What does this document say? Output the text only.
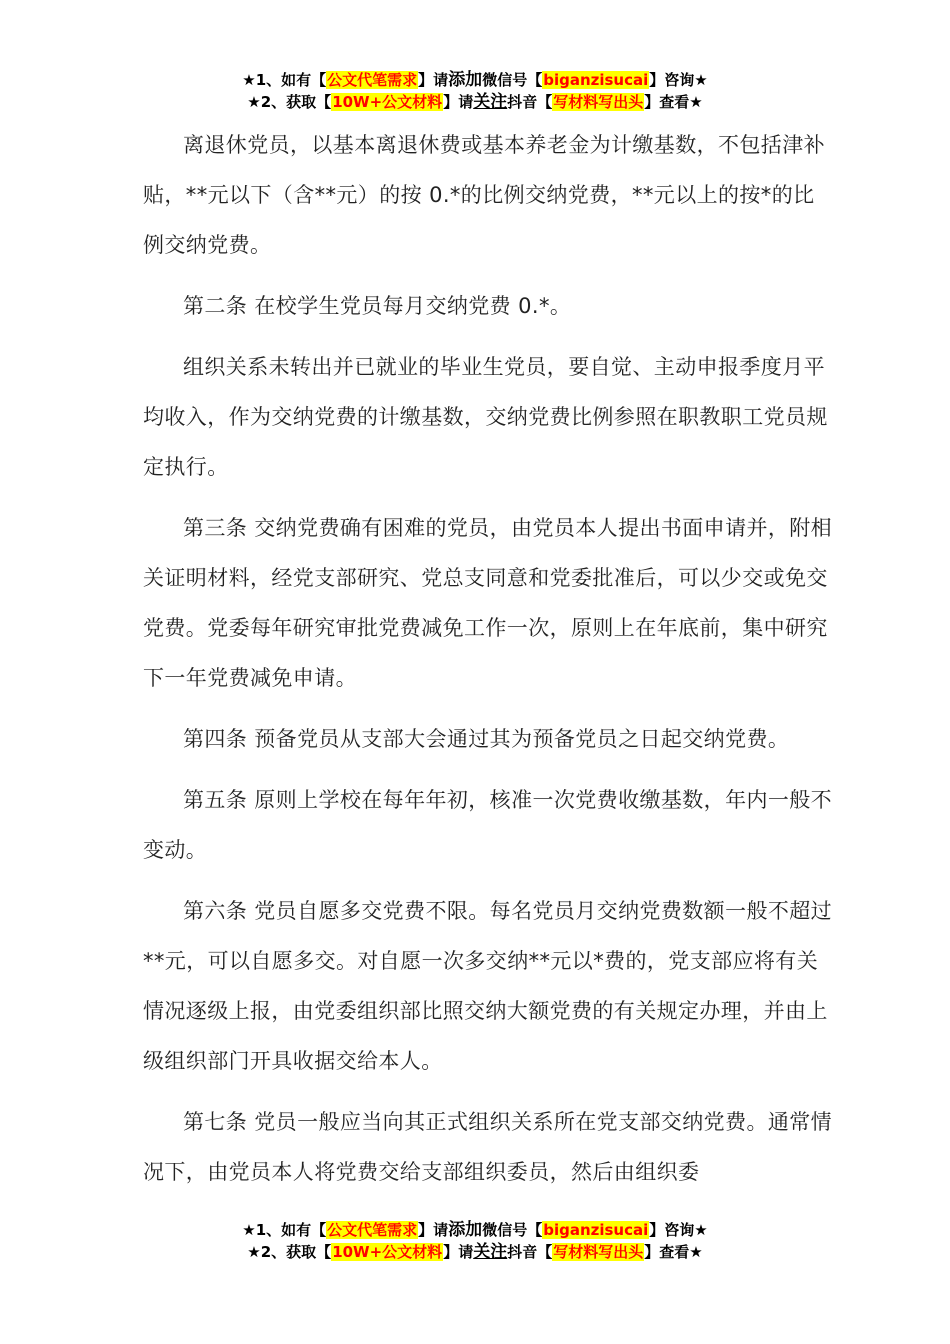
★1、如有【公文代笔需求】请添加微信号【biganzisucai】咨询★
★2、获取【10W+公文材料】请关注抖音【写材料写出头】查看★

离退休党员，以基本离退休费或基本养老金为计缴基数，不包括津补贴，**元以下（含**元）的按 0.*的比例交纳党费，**元以上的按*的比例交纳党费。

第二条 在校学生党员每月交纳党费 0.*。

组织关系未转出并已就业的毕业生党员，要自觉、主动申报季度月平均收入，作为交纳党费的计缴基数，交纳党费比例参照在职教职工党员规定执行。

第三条 交纳党费确有困难的党员，由党员本人提出书面申请并，附相关证明材料，经党支部研究、党总支同意和党委批准后，可以少交或免交党费。党委每年研究审批党费减免工作一次，原则上在年底前，集中研究下一年党费减免申请。

第四条 预备党员从支部大会通过其为预备党员之日起交纳党费。

第五条 原则上学校在每年年初，核准一次党费收缴基数，年内一般不变动。

第六条 党员自愿多交党费不限。每名党员月交纳党费数额一般不超过**元，可以自愿多交。对自愿一次多交纳**元以*费的，党支部应将有关情况逐级上报，由党委组织部比照交纳大额党费的有关规定办理，并由上级组织部门开具收据交给本人。

第七条 党员一般应当向其正式组织关系所在党支部交纳党费。通常情况下，由党员本人将党费交给支部组织委员，然后由组织委

★1、如有【公文代笔需求】请添加微信号【biganzisucai】咨询★
★2、获取【10W+公文材料】请关注抖音【写材料写出头】查看★
